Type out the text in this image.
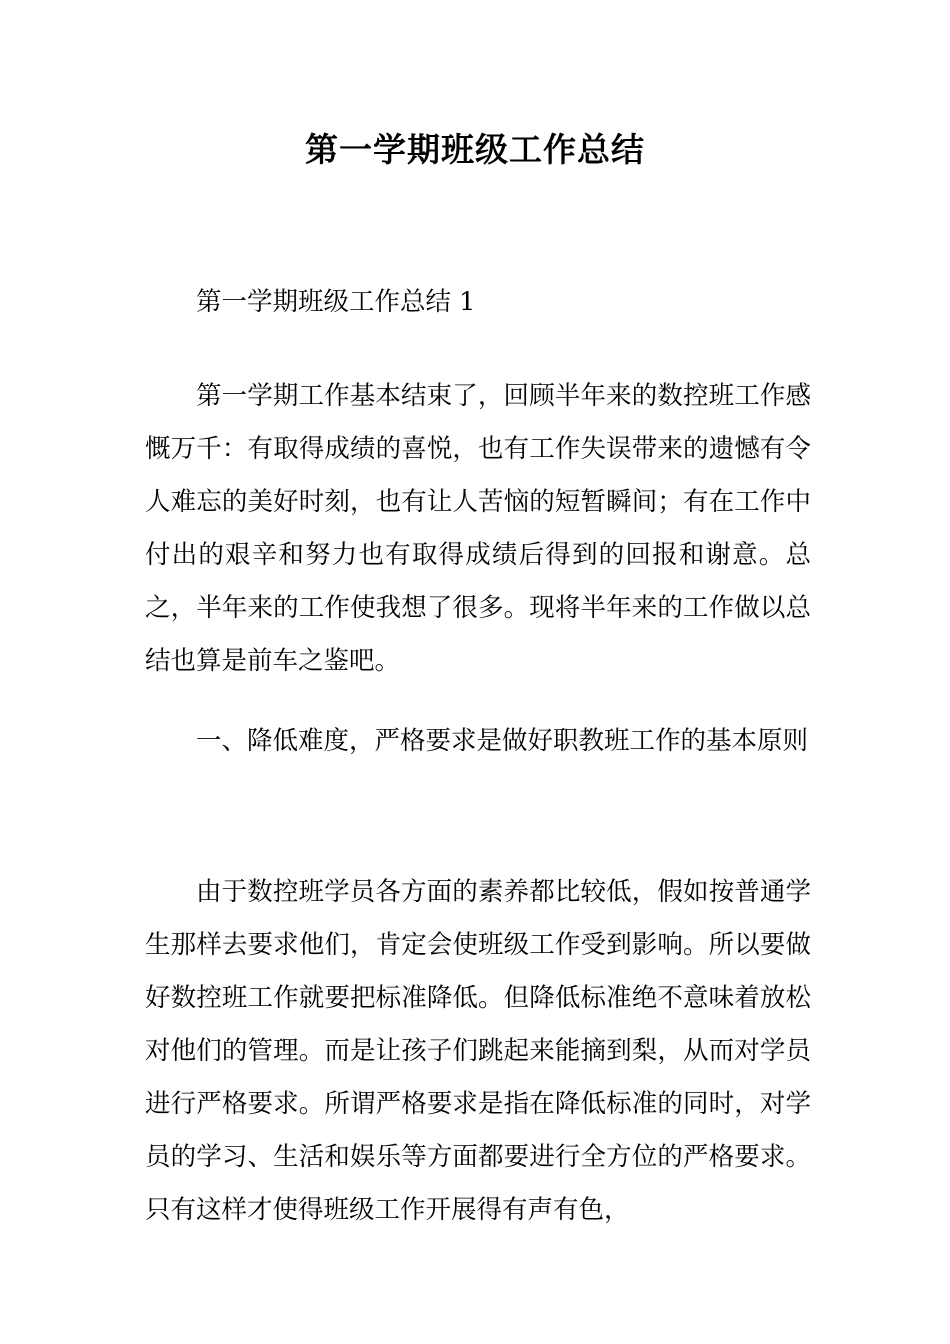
第一学期班级工作总结

第一学期班级工作总结 1

第一学期工作基本结束了，回顾半年来的数控班工作感慨万千：有取得成绩的喜悦，也有工作失误带来的遗憾有令人难忘的美好时刻，也有让人苦恼的短暂瞬间；有在工作中付出的艰辛和努力也有取得成绩后得到的回报和谢意。总之，半年来的工作使我想了很多。现将半年来的工作做以总结也算是前车之鉴吧。

一、降低难度，严格要求是做好职教班工作的基本原则

由于数控班学员各方面的素养都比较低，假如按普通学生那样去要求他们，肯定会使班级工作受到影响。所以要做好数控班工作就要把标准降低。但降低标准绝不意味着放松对他们的管理。而是让孩子们跳起来能摘到梨，从而对学员进行严格要求。所谓严格要求是指在降低标准的同时，对学员的学习、生活和娱乐等方面都要进行全方位的严格要求。只有这样才使得班级工作开展得有声有色，
